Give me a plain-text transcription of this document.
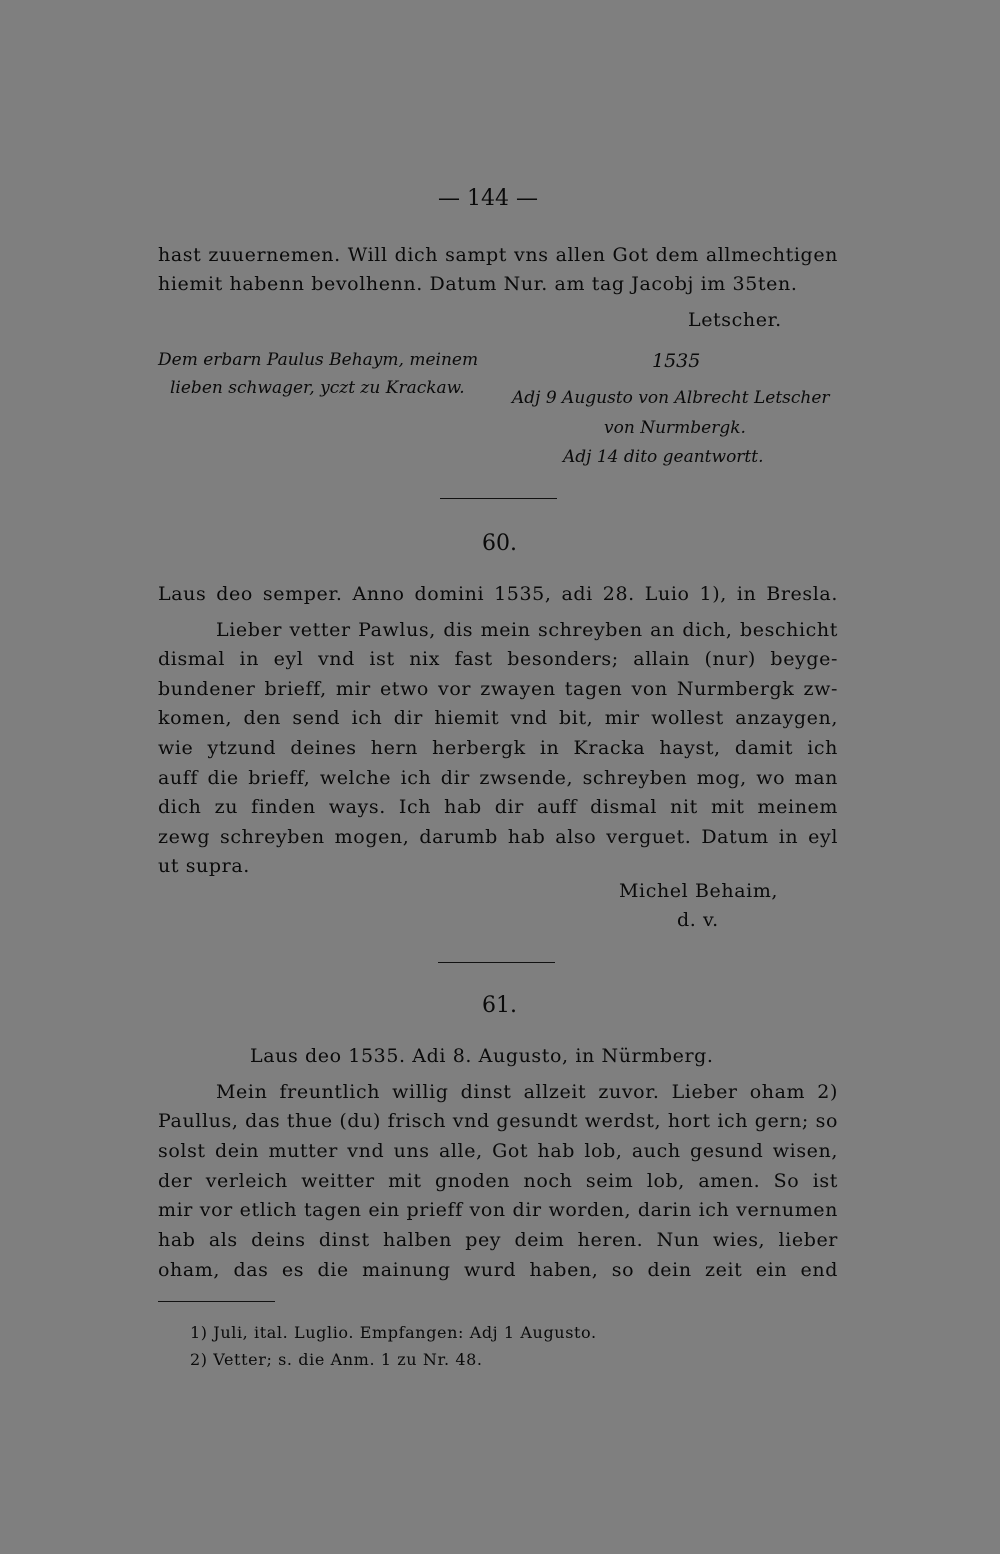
— 144 —
hast zuuernemen. Will dich sampt vns allen Got dem allmechtigen
hiemit habenn bevolhenn. Datum Nur. am tag Jacobj im 35ten.
Letscher.
Dem erbarn Paulus Behaym, meinem
lieben schwager, yczt zu Krackaw.
1535
Adj 9 Augusto von Albrecht Letscher
von Nurmbergk.
Adj 14 dito geantwortt.
60.
Laus deo semper. Anno domini 1535, adi 28. Luio 1), in Bresla.
Lieber vetter Pawlus, dis mein schreyben an dich, beschicht
dismal in eyl vnd ist nix fast besonders; allain (nur) beyge-
bundener brieff, mir etwo vor zwayen tagen von Nurmbergk zw-
komen, den send ich dir hiemit vnd bit, mir wollest anzaygen,
wie ytzund deines hern herbergk in Kracka hayst, damit ich
auff die brieff, welche ich dir zwsende, schreyben mog, wo man
dich zu finden ways. Ich hab dir auff dismal nit mit meinem
zewg schreyben mogen, darumb hab also verguet. Datum in eyl
ut supra.
Michel Behaim,
d. v.
61.
Laus deo 1535. Adi 8. Augusto, in Nürmberg.
Mein freuntlich willig dinst allzeit zuvor. Lieber oham 2)
Paullus, das thue (du) frisch vnd gesundt werdst, hort ich gern; so
solst dein mutter vnd uns alle, Got hab lob, auch gesund wisen,
der verleich weitter mit gnoden noch seim lob, amen. So ist
mir vor etlich tagen ein prieff von dir worden, darin ich vernumen
hab als deins dinst halben pey deim heren. Nun wies, lieber
oham, das es die mainung wurd haben, so dein zeit ein end
1) Juli, ital. Luglio. Empfangen: Adj 1 Augusto.
2) Vetter; s. die Anm. 1 zu Nr. 48.
